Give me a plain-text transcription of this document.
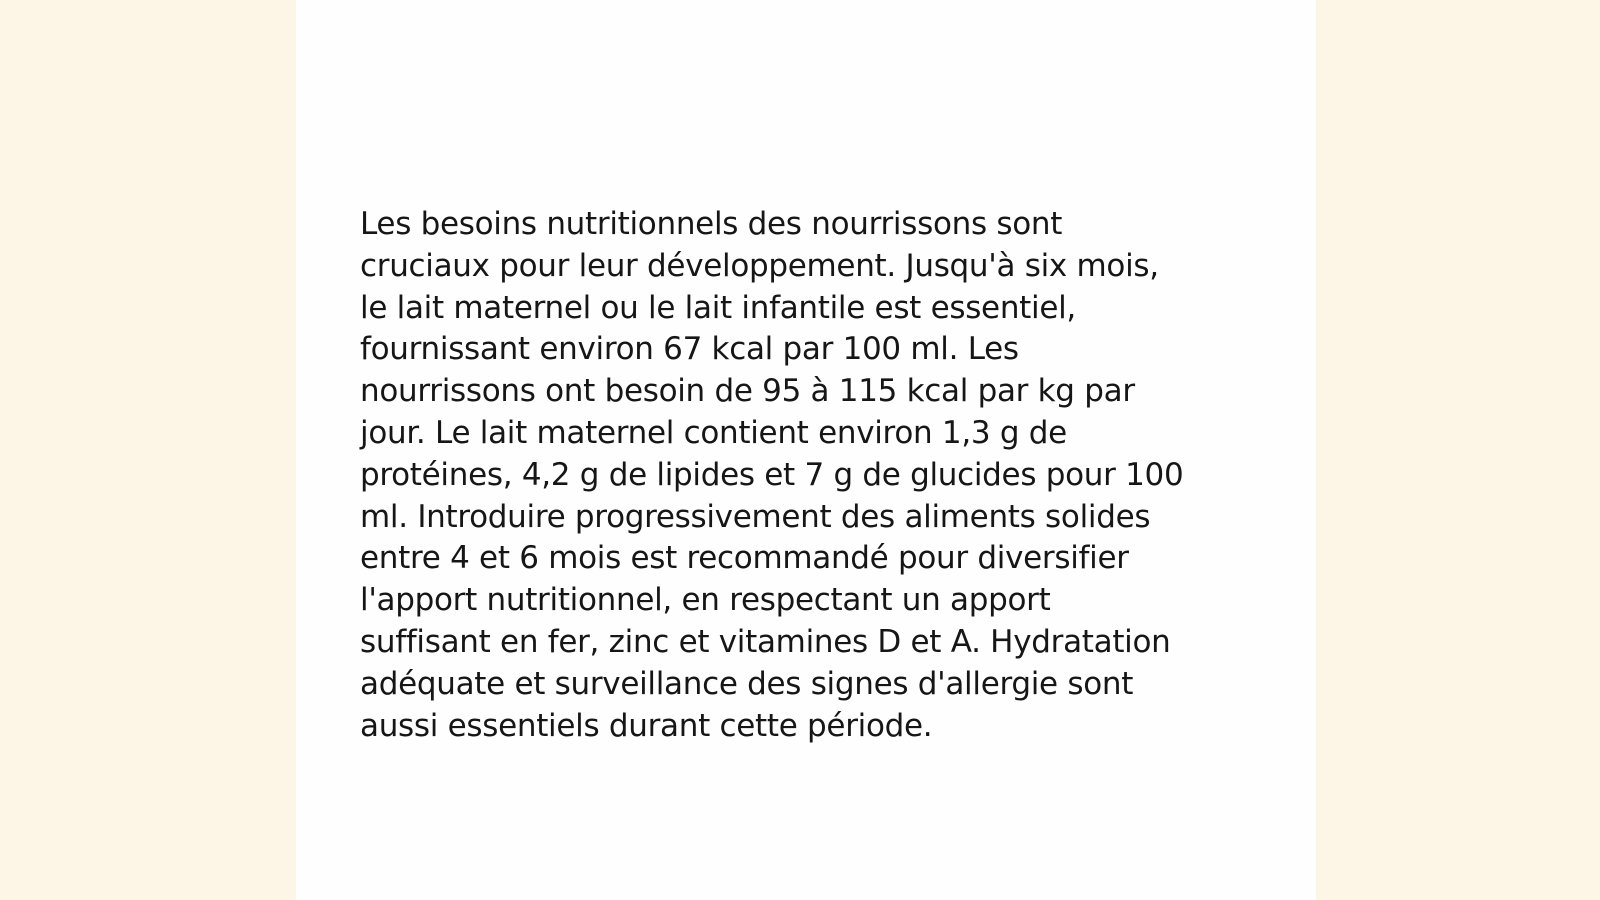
Les besoins nutritionnels des nourrissons sont
cruciaux pour leur développement. Jusqu'à six mois,
le lait maternel ou le lait infantile est essentiel,
fournissant environ 67 kcal par 100 ml. Les
nourrissons ont besoin de 95 à 115 kcal par kg par
jour. Le lait maternel contient environ 1,3 g de
protéines, 4,2 g de lipides et 7 g de glucides pour 100
ml. Introduire progressivement des aliments solides
entre 4 et 6 mois est recommandé pour diversifier
l'apport nutritionnel, en respectant un apport
suffisant en fer, zinc et vitamines D et A. Hydratation
adéquate et surveillance des signes d'allergie sont
aussi essentiels durant cette période.
